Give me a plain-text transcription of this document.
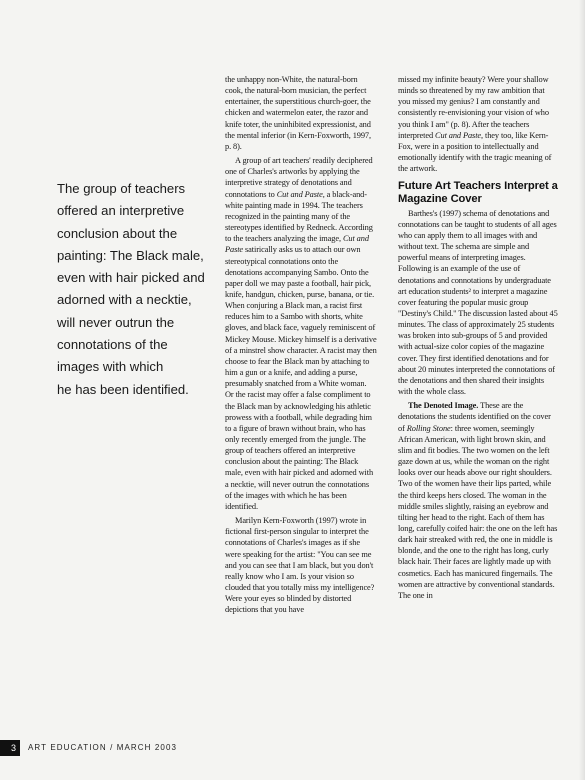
The group of teachers

offered an interpretive

conclusion about the

painting: The Black male,

even with hair picked and

adorned with a necktie,

will never outrun the

connotations of the

images with which

he has been identified.

the unhappy non-White, the natural-born cook, the natural-born musician, the perfect entertainer, the superstitious church-goer, the chicken and watermelon eater, the razor and knife toter, the uninhibited expressionist, and the mental inferior (in Kern-Foxworth, 1997, p. 8).

A group of art teachers' readily deciphered one of Charles's artworks by applying the interpretive strategy of denotations and connotations to Cut and Paste, a black-and-white painting made in 1994. The teachers recognized in the painting many of the stereotypes identified by Redneck. According to the teachers analyzing the image, Cut and Paste satirically asks us to attach our own stereotypical connotations onto the denotations accompanying Sambo. Onto the paper doll we may paste a football, hair pick, knife, handgun, chicken, purse, banana, or tie. When conjuring a Black man, a racist first reduces him to a Sambo with shorts, white gloves, and black face, vaguely reminiscent of Mickey Mouse. Mickey himself is a derivative of a minstrel show character. A racist may then choose to fear the Black man by attaching to him a gun or a knife, and adding a purse, presumably snatched from a White woman. Or the racist may offer a false compliment to the Black man by acknowledging his athletic prowess with a football, while degrading him to a figure of brawn without brain, who has only recently emerged from the jungle. The group of teachers offered an interpretive conclusion about the painting: The Black male, even with hair picked and adorned with a necktie, will never outrun the connotations of the images with which he has been identified.

Marilyn Kern-Foxworth (1997) wrote in fictional first-person singular to interpret the connotations of Charles's images as if she were speaking for the artist: "You can see me and you can see that I am black, but you don't really know who I am. Is your vision so clouded that you totally miss my intelligence? Were your eyes so blinded by distorted depictions that you have

missed my infinite beauty? Were your shallow minds so threatened by my raw ambition that you missed my genius? I am constantly and consistently re-envisioning your vision of who you think I am" (p. 8). After the teachers interpreted Cut and Paste, they too, like Kern-Fox, were in a position to intellectually and emotionally identify with the tragic meaning of the artwork.

Future Art Teachers Interpret a Magazine Cover

Barthes's (1997) schema of denotations and connotations can be taught to students of all ages who can apply them to all images with and without text. The schema are simple and powerful means of interpreting images. Following is an example of the use of denotations and connotations by undergraduate art education students² to interpret a magazine cover featuring the popular music group "Destiny's Child." The discussion lasted about 45 minutes. The class of approximately 25 students was broken into sub-groups of 5 and provided with actual-size color copies of the magazine cover. They first identified denotations and for about 20 minutes interpreted the connotations of the denotations and then shared their insights with the whole class.

The Denoted Image. These are the denotations the students identified on the cover of Rolling Stone: three women, seemingly African American, with light brown skin, and slim and fit bodies. The two women on the left gaze down at us, while the woman on the right looks over our heads above our right shoulders. Two of the women have their lips parted, while the third keeps hers closed. The woman in the middle smiles slightly, raising an eyebrow and tilting her head to the right. Each of them has long, carefully coifed hair: the one on the left has dark hair streaked with red, the one in middle is blonde, and the one to the right has long, curly black hair. Their faces are lightly made up with cosmetics. Each has manicured fingernails. The women are attractive by conventional standards. The one in

3	ART EDUCATION / MARCH 2003
